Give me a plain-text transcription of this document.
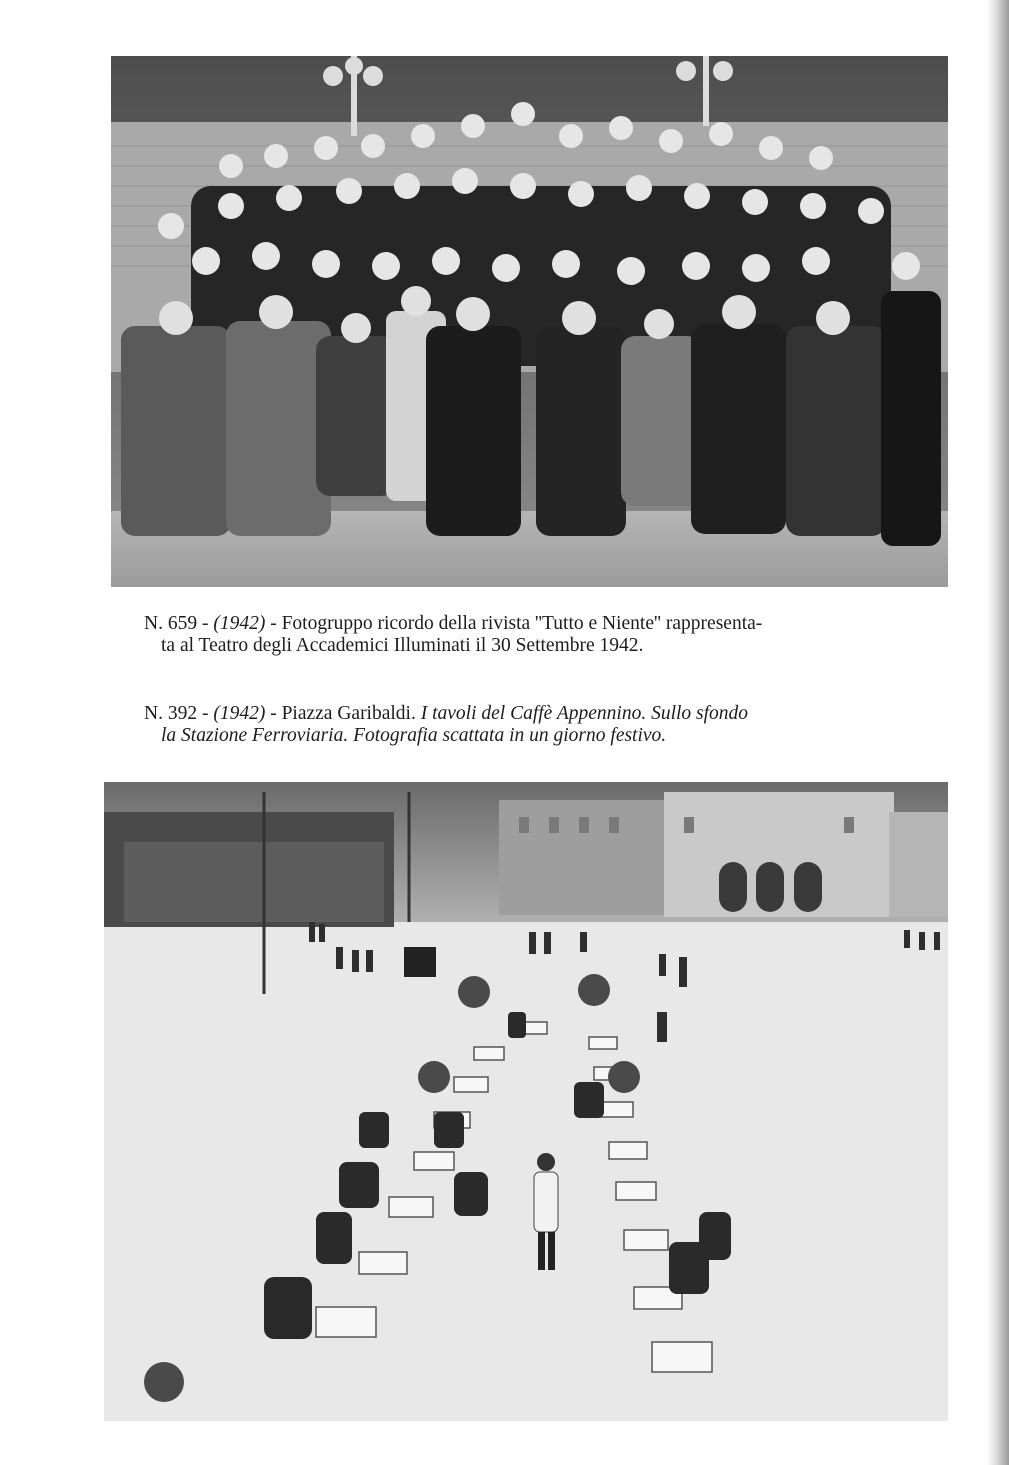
N. 659 - (1942) - Fotogruppo ricordo della rivista ''Tutto e Niente'' rappresenta-
ta al Teatro degli Accademici Illuminati il 30 Settembre 1942.
N. 392 - (1942) - Piazza Garibaldi. I tavoli del Caffè Appennino. Sullo sfondo
la Stazione Ferroviaria. Fotografia scattata in un giorno festivo.
